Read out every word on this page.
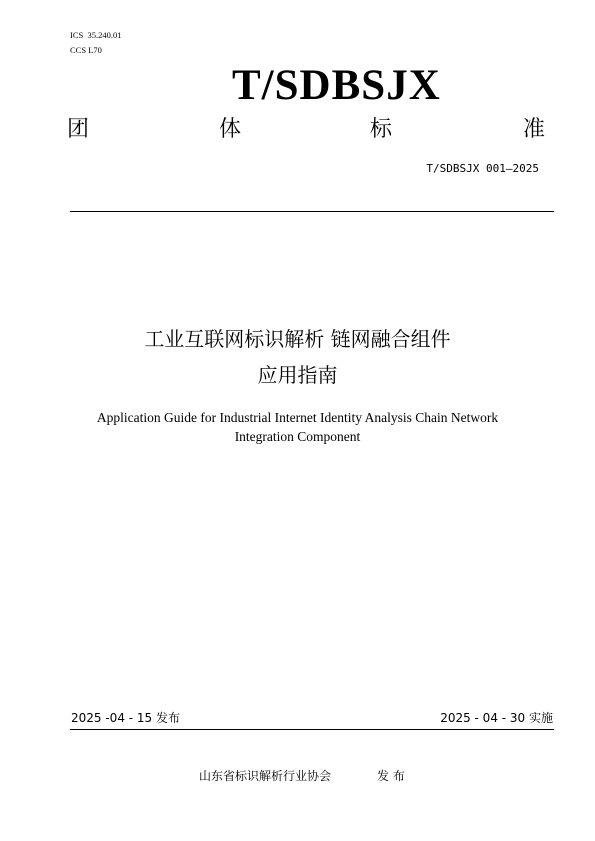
ICS  35.240.01
CCS L70
T/SDBSJX
团	体	标	准
T/SDBSJX 001—2025
工业互联网标识解析 链网融合组件
应用指南
Application Guide for Industrial Internet Identity Analysis Chain Network
Integration Component
2025 -04 - 15 发布	2025 - 04 - 30 实施
山东省标识解析行业协会	发 布
